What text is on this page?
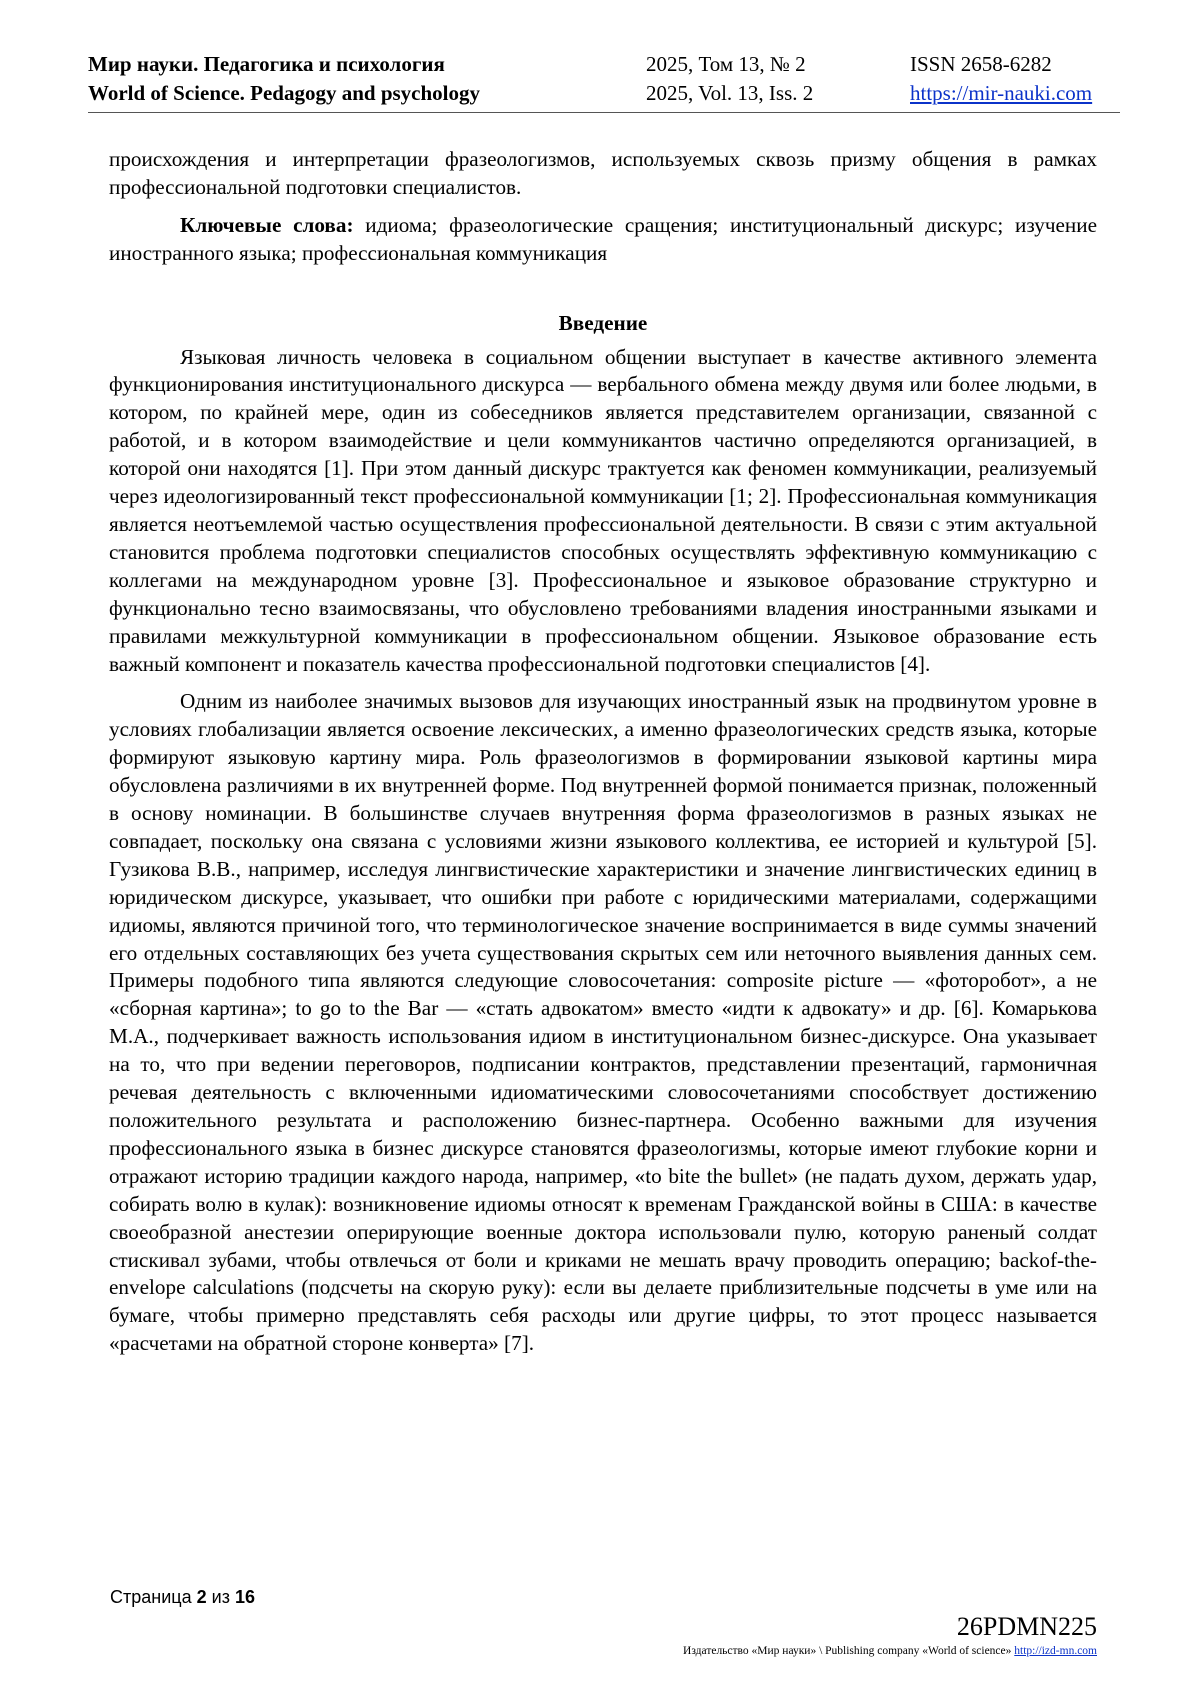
Мир науки. Педагогика и психология	2025, Том 13, № 2	ISSN 2658-6282
World of Science. Pedagogy and psychology	2025, Vol. 13, Iss. 2	https://mir-nauki.com

происхождения и интерпретации фразеологизмов, используемых сквозь призму общения в рамках профессиональной подготовки специалистов.

Ключевые слова: идиома; фразеологические сращения; институциональный дискурс; изучение иностранного языка; профессиональная коммуникация

Введение

Языковая личность человека в социальном общении выступает в качестве активного элемента функционирования институционального дискурса — вербального обмена между двумя или более людьми, в котором, по крайней мере, один из собеседников является представителем организации, связанной с работой, и в котором взаимодействие и цели коммуникантов частично определяются организацией, в которой они находятся [1]. При этом данный дискурс трактуется как феномен коммуникации, реализуемый через идеологизированный текст профессиональной коммуникации [1; 2]. Профессиональная коммуникация является неотъемлемой частью осуществления профессиональной деятельности. В связи с этим актуальной становится проблема подготовки специалистов способных осуществлять эффективную коммуникацию с коллегами на международном уровне [3]. Профессиональное и языковое образование структурно и функционально тесно взаимосвязаны, что обусловлено требованиями владения иностранными языками и правилами межкультурной коммуникации в профессиональном общении. Языковое образование есть важный компонент и показатель качества профессиональной подготовки специалистов [4].

Одним из наиболее значимых вызовов для изучающих иностранный язык на продвинутом уровне в условиях глобализации является освоение лексических, а именно фразеологических средств языка, которые формируют языковую картину мира. Роль фразеологизмов в формировании языковой картины мира обусловлена различиями в их внутренней форме. Под внутренней формой понимается признак, положенный в основу номинации. В большинстве случаев внутренняя форма фразеологизмов в разных языках не совпадает, поскольку она связана с условиями жизни языкового коллектива, ее историей и культурой [5]. Гузикова В.В., например, исследуя лингвистические характеристики и значение лингвистических единиц в юридическом дискурсе, указывает, что ошибки при работе с юридическими материалами, содержащими идиомы, являются причиной того, что терминологическое значение воспринимается в виде суммы значений его отдельных составляющих без учета существования скрытых сем или неточного выявления данных сем. Примеры подобного типа являются следующие словосочетания: composite picture — «фоторобот», а не «сборная картина»; to go to the Bar — «стать адвокатом» вместо «идти к адвокату» и др. [6]. Комарькова М.А., подчеркивает важность использования идиом в институциональном бизнес-дискурсе. Она указывает на то, что при ведении переговоров, подписании контрактов, представлении презентаций, гармоничная речевая деятельность с включенными идиоматическими словосочетаниями способствует достижению положительного результата и расположению бизнес-партнера. Особенно важными для изучения профессионального языка в бизнес дискурсе становятся фразеологизмы, которые имеют глубокие корни и отражают историю традиции каждого народа, например, «to bite the bullet» (не падать духом, держать удар, собирать волю в кулак): возникновение идиомы относят к временам Гражданской войны в США: в качестве своеобразной анестезии оперирующие военные доктора использовали пулю, которую раненый солдат стискивал зубами, чтобы отвлечься от боли и криками не мешать врачу проводить операцию; backof-the-envelope calculations (подсчеты на скорую руку): если вы делаете приблизительные подсчеты в уме или на бумаге, чтобы примерно представлять себя расходы или другие цифры, то этот процесс называется «расчетами на обратной стороне конверта» [7].

Страница 2 из 16
26PDMN225
Издательство «Мир науки» \ Publishing company «World of science» http://izd-mn.com
